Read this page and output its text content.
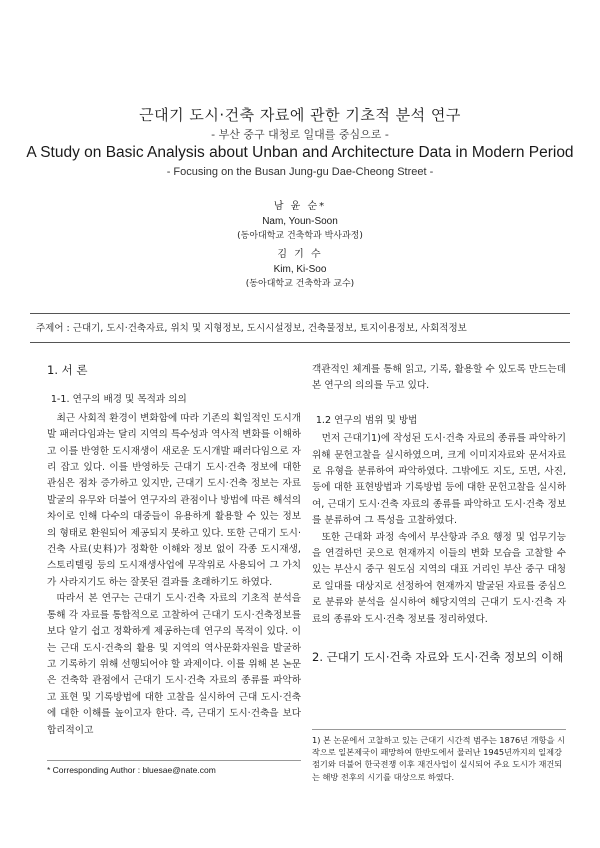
근대기 도시·건축 자료에 관한 기초적 분석 연구
- 부산 중구 대청로 일대를 중심으로 -
A Study on Basic Analysis about Unban and Architecture Data in Modern Period
- Focusing on the Busan Jung-gu Dae-Cheong Street -
남 윤 순*
Nam, Youn-Soon
(동아대학교 건축학과 박사과정)
김 기 수
Kim, Ki-Soo
(동아대학교 건축학과 교수)
주제어 : 근대기, 도시·건축자료, 위치 및 지형정보, 도시시설정보, 건축물정보, 토지이용정보, 사회적정보
1. 서 론
1-1. 연구의 배경 및 목적과 의의

최근 사회적 환경이 변화함에 따라 기존의 획일적인 도시개발 패러다임과는 달리 지역의 특수성과 역사적 변화를 이해하고 이를 반영한 도시재생이 새로운 도시개발 패러다임으로 자리 잡고 있다. 이를 반영하듯 근대기 도시·건축 정보에 대한 관심은 점차 증가하고 있지만, 근대기 도시·건축 정보는 자료발굴의 유무와 더불어 연구자의 관점이나 방법에 따른 해석의 차이로 인해 다수의 대중들이 유용하게 활용할 수 있는 정보의 형태로 환원되어 제공되지 못하고 있다. 또한 근대기 도시·건축 사료(史料)가 정확한 이해와 정보 없이 각종 도시재생, 스토리텔링 등의 도시재생사업에 무작위로 사용되어 그 가치가 사라지기도 하는 잘못된 결과를 초래하기도 하였다.

따라서 본 연구는 근대기 도시·건축 자료의 기초적 분석을 통해 각 자료를 통합적으로 고찰하여 근대기 도시·건축정보를 보다 알기 쉽고 정확하게 제공하는데 연구의 목적이 있다. 이는 근대 도시·건축의 활용 및 지역의 역사문화자원을 발굴하고 기록하기 위해 선행되어야 할 과제이다. 이를 위해 본 논문은 건축학 관점에서 근대기 도시·건축 자료의 종류를 파악하고 표현 및 기록방법에 대한 고찰을 실시하여 근대 도시·건축에 대한 이해를 높이고자 한다. 즉, 근대기 도시·건축을 보다 합리적이고

객관적인 체계를 통해 읽고, 기록, 활용할 수 있도록 만드는데 본 연구의 의의를 두고 있다.

1.2 연구의 범위 및 방법

먼저 근대기1)에 작성된 도시·건축 자료의 종류를 파악하기 위해 문헌고찰을 실시하였으며, 크게 이미지자료와 문서자료로 유형을 분류하여 파악하였다. 그밖에도 지도, 도면, 사진, 등에 대한 표현방법과 기록방법 등에 대한 문헌고찰을 실시하여, 근대기 도시·건축 자료의 종류를 파악하고 도시·건축 정보를 분류하여 그 특성을 고찰하였다.

또한 근대화 과정 속에서 부산항과 주요 행정 및 업무기능을 연결하던 곳으로 현재까지 이들의 변화 모습을 고찰할 수 있는 부산시 중구 원도심 지역의 대표 거리인 부산 중구 대청로 일대를 대상지로 선정하여 현재까지 발굴된 자료를 중심으로 분류와 분석을 실시하여 해당지역의 근대기 도시·건축 자료의 종류와 도시·건축 정보를 정리하였다.

2. 근대기 도시·건축 자료와 도시·건축 정보의 이해
* Corresponding Author : bluesae@nate.com
1) 본 논문에서 고찰하고 있는 근대기 시간적 범주는 1876년 개항을 시작으로 일본제국이 패망하여 한반도에서 물러난 1945년까지의 일제강점기와 더불어 한국전쟁 이후 재건사업이 실시되어 주요 도시가 재건되는 해방 전후의 시기를 대상으로 하였다.
